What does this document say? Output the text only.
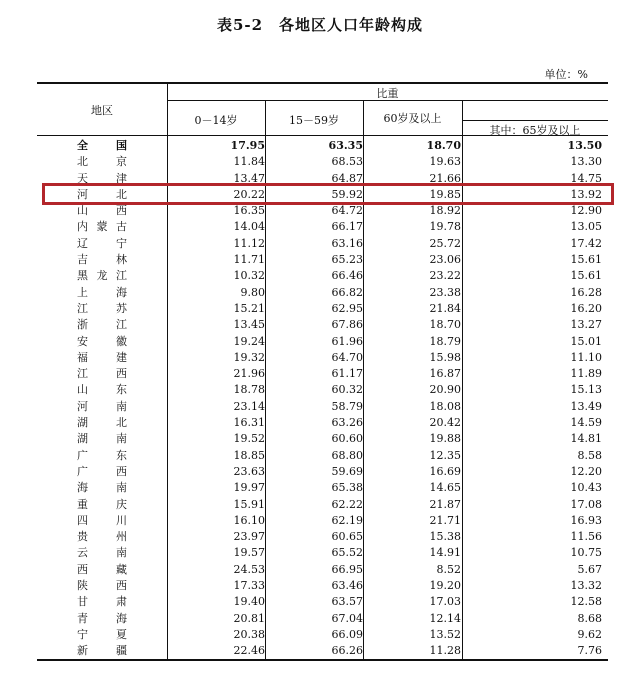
表5-2　各地区人口年龄构成
单位：%
地区
比重
0－14岁	15－59岁	60岁及以上
其中：65岁及以上
全国	17.95	63.35	18.70	13.50
北京	11.84	68.53	19.63	13.30
天津	13.47	64.87	21.66	14.75
河北	20.22	59.92	19.85	13.92
山西	16.35	64.72	18.92	12.90
内蒙古	14.04	66.17	19.78	13.05
辽宁	11.12	63.16	25.72	17.42
吉林	11.71	65.23	23.06	15.61
黑龙江	10.32	66.46	23.22	15.61
上海	9.80	66.82	23.38	16.28
江苏	15.21	62.95	21.84	16.20
浙江	13.45	67.86	18.70	13.27
安徽	19.24	61.96	18.79	15.01
福建	19.32	64.70	15.98	11.10
江西	21.96	61.17	16.87	11.89
山东	18.78	60.32	20.90	15.13
河南	23.14	58.79	18.08	13.49
湖北	16.31	63.26	20.42	14.59
湖南	19.52	60.60	19.88	14.81
广东	18.85	68.80	12.35	8.58
广西	23.63	59.69	16.69	12.20
海南	19.97	65.38	14.65	10.43
重庆	15.91	62.22	21.87	17.08
四川	16.10	62.19	21.71	16.93
贵州	23.97	60.65	15.38	11.56
云南	19.57	65.52	14.91	10.75
西藏	24.53	66.95	8.52	5.67
陕西	17.33	63.46	19.20	13.32
甘肃	19.40	63.57	17.03	12.58
青海	20.81	67.04	12.14	8.68
宁夏	20.38	66.09	13.52	9.62
新疆	22.46	66.26	11.28	7.76
